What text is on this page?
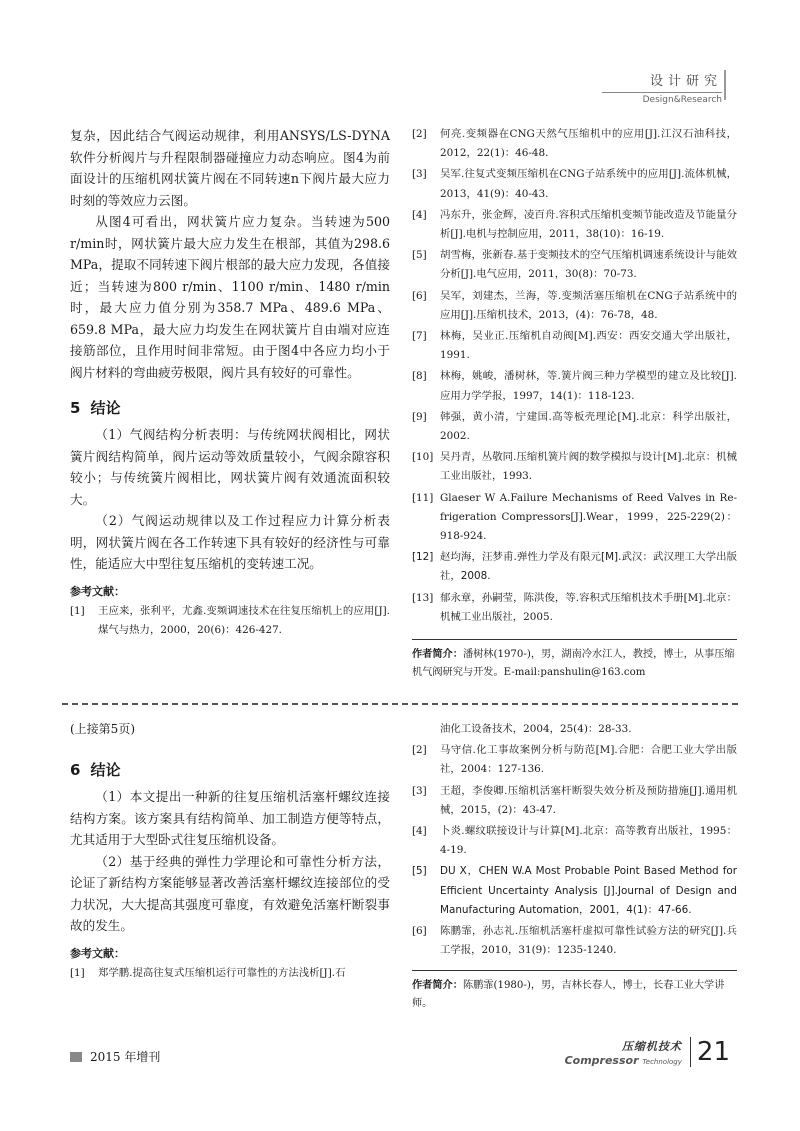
设计研究
Design&Research

复杂，因此结合气阀运动规律，利用ANSYS/LS-DYNA软件分析阀片与升程限制器碰撞应力动态响应。图4为前面设计的压缩机网状簧片阀在不同转速n下阀片最大应力时刻的等效应力云图。

从图4可看出，网状簧片应力复杂。当转速为500 r/min时，网状簧片最大应力发生在根部，其值为298.6 MPa，提取不同转速下阀片根部的最大应力发现，各值接近；当转速为800 r/min、1100 r/min、1480 r/min时，最大应力值分别为358.7 MPa、489.6 MPa、659.8 MPa，最大应力均发生在网状簧片自由端对应连接筋部位，且作用时间非常短。由于图4中各应力均小于阀片材料的弯曲疲劳极限，阀片具有较好的可靠性。

5 结论

（1）气阀结构分析表明：与传统网状阀相比，网状簧片阀结构简单，阀片运动等效质量较小，气阀余隙容积较小；与传统簧片阀相比，网状簧片阀有效通流面积较大。

（2）气阀运动规律以及工作过程应力计算分析表明，网状簧片阀在各工作转速下具有较好的经济性与可靠性，能适应大中型往复压缩机的变转速工况。

参考文献：
[1]	王应来，张利平，尤鑫.变频调速技术在往复压缩机上的应用[J].煤气与热力，2000，20(6)：426-427.
[2]	何亮.变频器在CNG天然气压缩机中的应用[J].江汉石油科技，2012，22(1)：46-48.
[3]	吴军.往复式变频压缩机在CNG子站系统中的应用[J].流体机械，2013，41(9)：40-43.
[4]	冯东升，张金辉，凌百舟.容积式压缩机变频节能改造及节能量分析[J].电机与控制应用，2011，38(10)：16-19.
[5]	胡雪梅，张新春.基于变频技术的空气压缩机调速系统设计与能效分析[J].电气应用，2011，30(8)：70-73.
[6]	吴军，刘建杰，兰海，等.变频活塞压缩机在CNG子站系统中的应用[J].压缩机技术，2013，(4)：76-78，48.
[7]	林梅，吴业正.压缩机自动阀[M].西安：西安交通大学出版社，1991.
[8]	林梅，姚峻，潘树林，等.簧片阀三种力学模型的建立及比较[J].应用力学学报，1997，14(1)：118-123.
[9]	韩强，黄小清，宁建国.高等板壳理论[M].北京：科学出版社，2002.
[10] 吴丹青，丛敬同.压缩机簧片阀的数学模拟与设计[M].北京：机械工业出版社，1993.
[11] Glaeser W A.Failure Mechanisms of Reed Valves in Re-frigeration Compressors[J].Wear，1999，225-229(2)：918-924.
[12] 赵均海，汪梦甫.弹性力学及有限元[M].武汉：武汉理工大学出版社，2008.
[13] 郁永章，孙嗣莹，陈洪俊，等.容积式压缩机技术手册[M].北京：机械工业出版社，2005.
作者简介：潘树林(1970-)，男，湖南冷水江人，教授，博士，从事压缩机气阀研究与开发。E-mail:panshulin@163.com
(上接第5页)
6 结论

（1）本文提出一种新的往复压缩机活塞杆螺纹连接结构方案。该方案具有结构简单、加工制造方便等特点，尤其适用于大型卧式往复压缩机设备。

（2）基于经典的弹性力学理论和可靠性分析方法，论证了新结构方案能够显著改善活塞杆螺纹连接部位的受力状况，大大提高其强度可靠度，有效避免活塞杆断裂事故的发生。

参考文献：
[1]	郑学鹏.提高往复式压缩机运行可靠性的方法浅析[J].石
油化工设备技术，2004，25(4)：28-33.
[2]	马守信.化工事故案例分析与防范[M].合肥：合肥工业大学出版社，2004：127-136.
[3]	王超，李俊卿.压缩机活塞杆断裂失效分析及预防措施[J].通用机械，2015，(2)：43-47.
[4]	卜炎.螺纹联接设计与计算[M].北京：高等教育出版社，1995：4-19.
[5]	DU X，CHEN W.A Most Probable Point Based Method for Efficient Uncertainty Analysis [J].Journal of Design and Manufacturing Automation，2001，4(1)：47-66.
[6]	陈鹏霏，孙志礼.压缩机活塞杆虚拟可靠性试验方法的研究[J].兵工学报，2010，31(9)：1235-1240.
作者简介：陈鹏霏(1980-)，男，吉林长春人，博士，长春工业大学讲师。
2015 年增刊
压缩机技术
Compressor Technology 21
